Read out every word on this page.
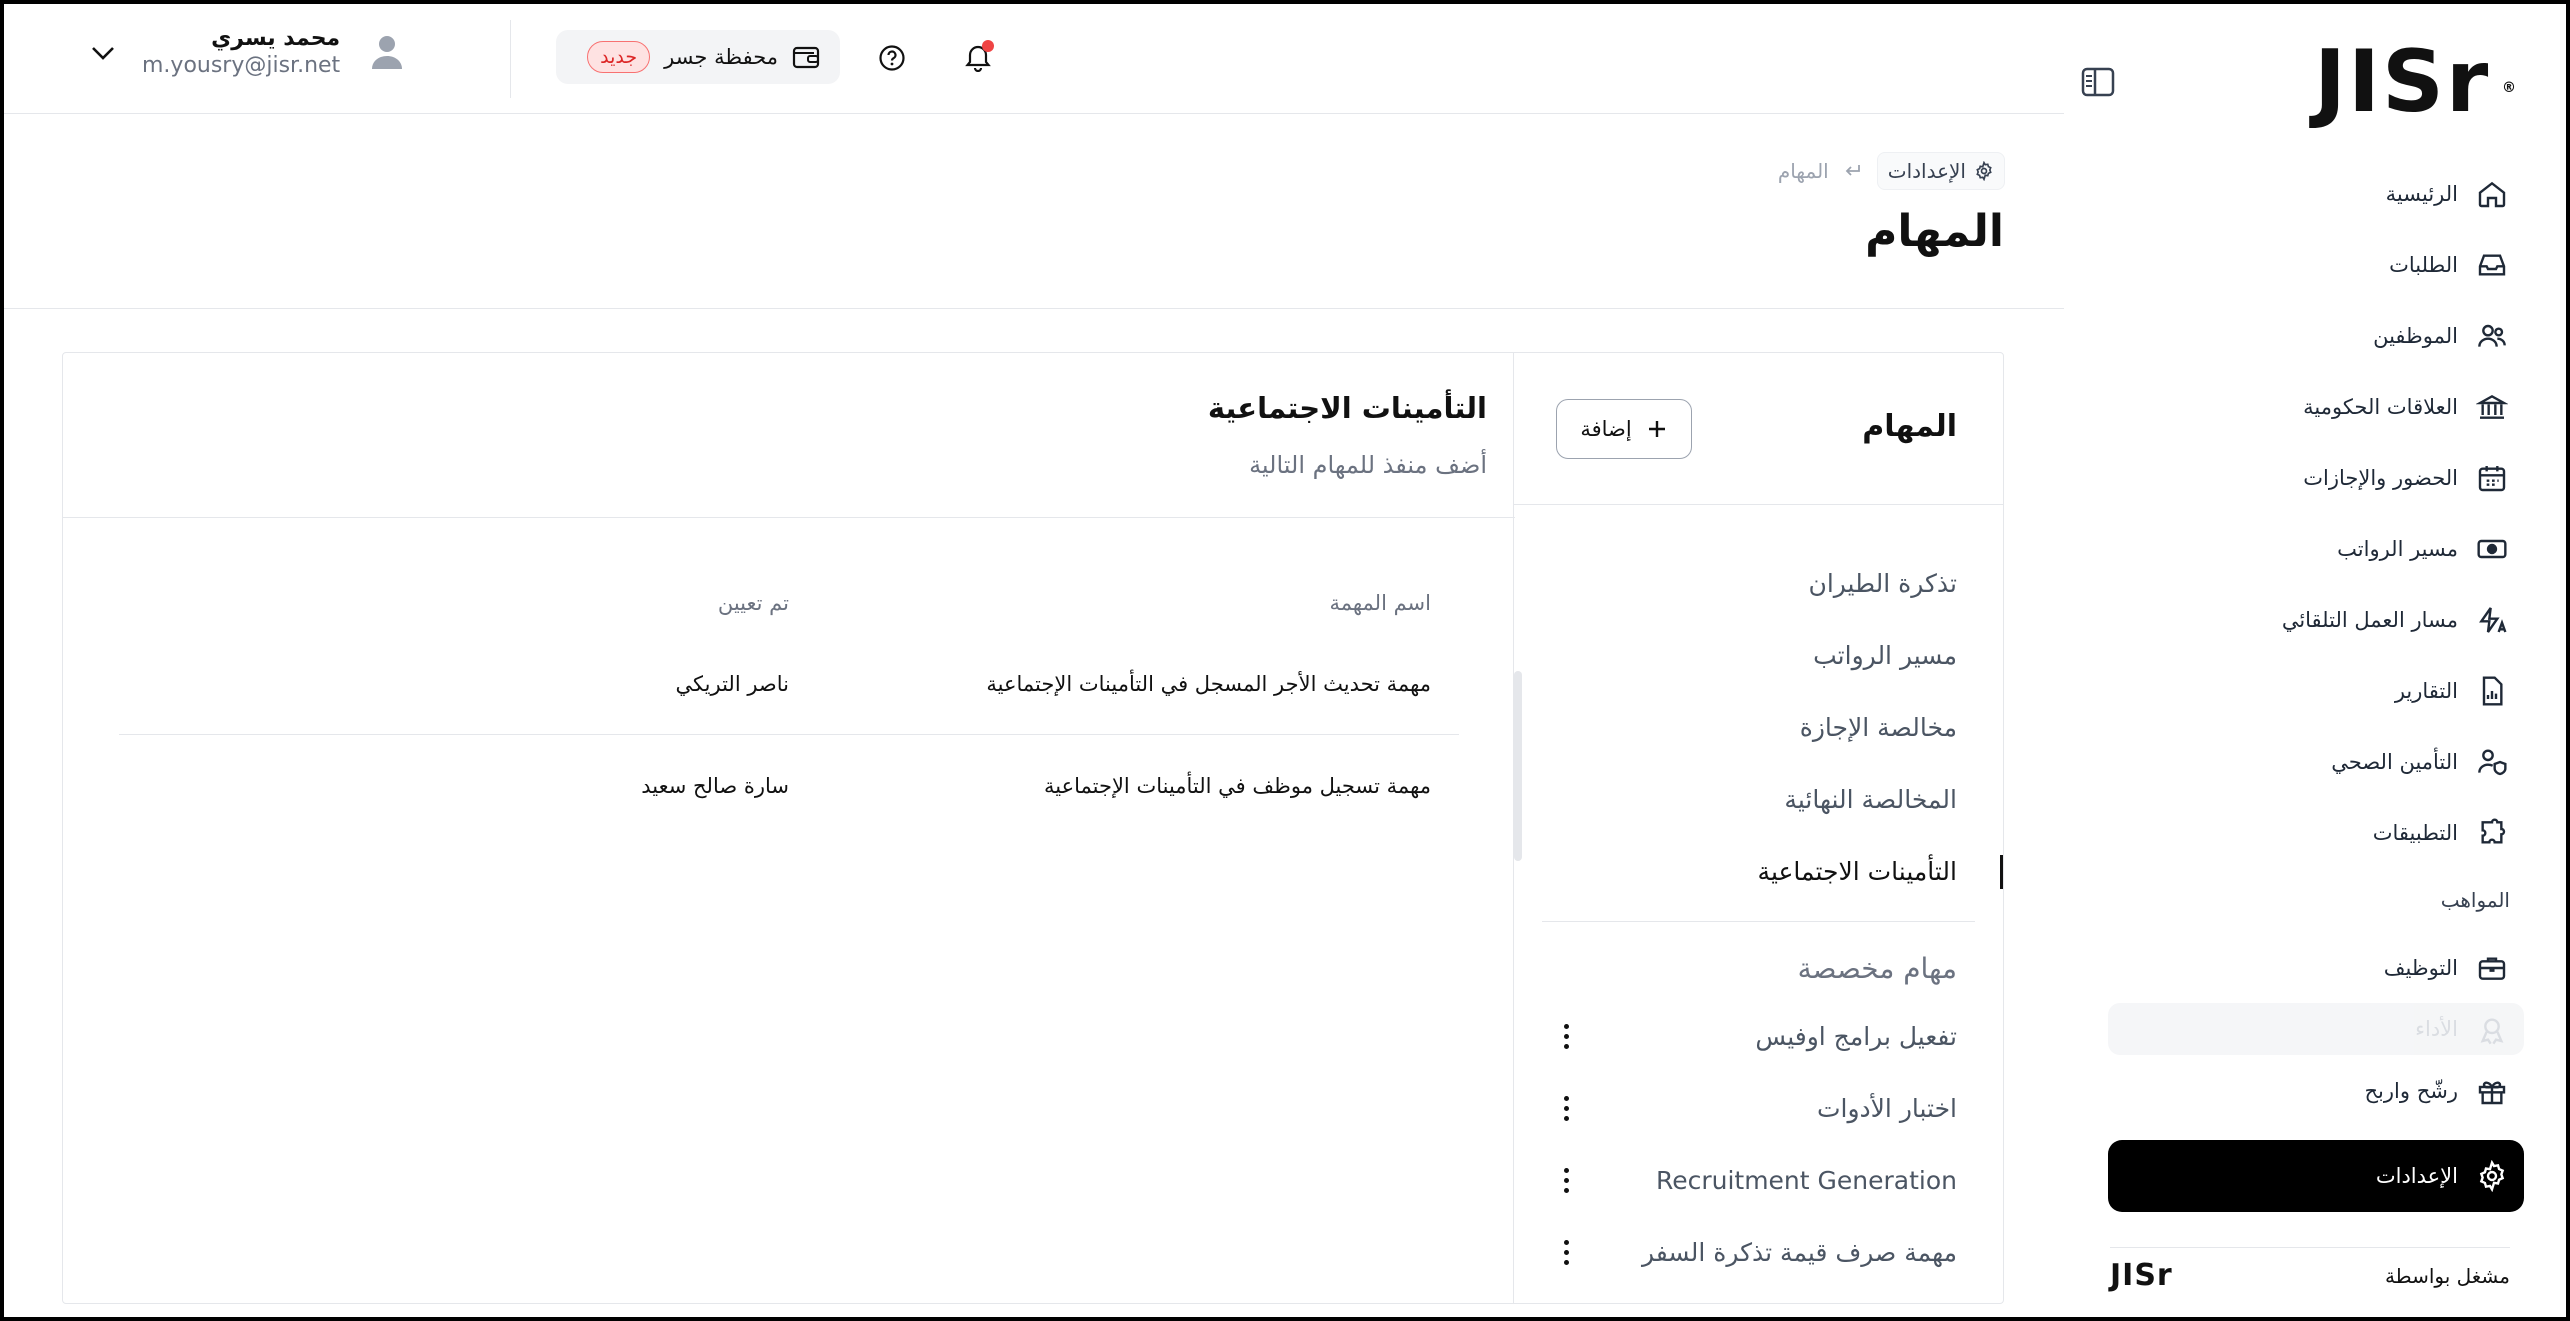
JISr ®
الرئيسية
الطلبات
الموظفين
العلاقات الحكومية
الحضور والإجازات
مسير الرواتب
مسار العمل التلقائي
التقارير
التأمين الصحي
التطبيقات
المواهب
التوظيف
الأداء
رشّح واربح
الإعدادات
مشغل بواسطة
JISr
محمد يسري
m.yousry@jisr.net	محفظة جسر
جديد
الإعدادات
المهام
المهام
المهام
إضافة
تذكرة الطيران
مسير الرواتب
مخالصة الإجازة
المخالصة النهائية
التأمينات الاجتماعية
مهام مخصصة
تفعيل برامج اوفيس
اختبار الأدوات
Recruitment Generation
مهمة صرف قيمة تذكرة السفر
التأمينات الاجتماعية
أضف منفذ للمهام التالية
اسم المهمة
تم تعيين
مهمة تحديث الأجر المسجل في التأمينات الإجتماعية
ناصر التريكي
مهمة تسجيل موظف في التأمينات الإجتماعية
سارة صالح سعيد
